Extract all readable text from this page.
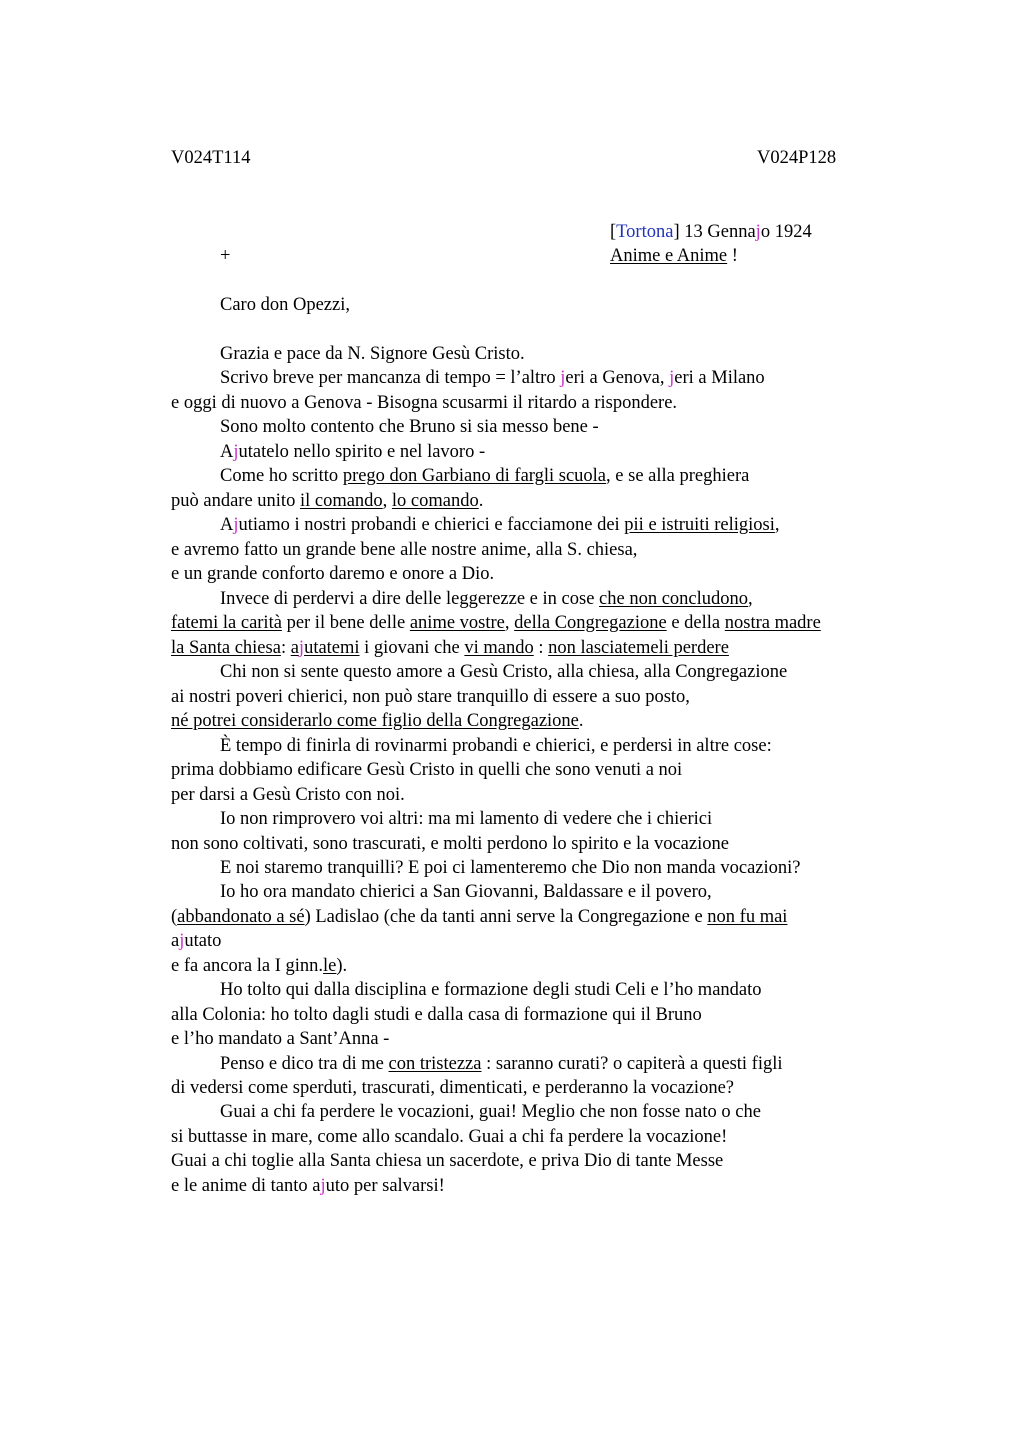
V024T114	V024P128
[Tortona] 13 Gennajo 1924
+	Anime e Anime !
Caro don Opezzi,
Grazia e pace da N. Signore Gesù Cristo.
Scrivo breve per mancanza di tempo = l’altro jeri a Genova, jeri a Milano
e oggi di nuovo a Genova - Bisogna scusarmi il ritardo a rispondere.
Sono molto contento che Bruno si sia messo bene -
Ajutatelo nello spirito e nel lavoro -
Come ho scritto prego don Garbiano di fargli scuola, e se alla preghiera
può andare unito il comando, lo comando.
Ajutiamo i nostri probandi e chierici e facciamone dei pii e istruiti religiosi,
e avremo fatto un grande bene alle nostre anime, alla S. chiesa,
e un grande conforto daremo e onore a Dio.
Invece di perdervi a dire delle leggerezze e in cose che non concludono,
fatemi la carità per il bene delle anime vostre, della Congregazione e della nostra madre
la Santa chiesa: ajutatemi i giovani che vi mando : non lasciatemeli perdere
Chi non si sente questo amore a Gesù Cristo, alla chiesa, alla Congregazione
ai nostri poveri chierici, non può stare tranquillo di essere a suo posto,
né potrei considerarlo come figlio della Congregazione.
È tempo di finirla di rovinarmi probandi e chierici, e perdersi in altre cose:
prima dobbiamo edificare Gesù Cristo in quelli che sono venuti a noi
per darsi a Gesù Cristo con noi.
Io non rimprovero voi altri: ma mi lamento di vedere che i chierici
non sono coltivati, sono trascurati, e molti perdono lo spirito e la vocazione
E noi staremo tranquilli? E poi ci lamenteremo che Dio non manda vocazioni?
Io ho ora mandato chierici a San Giovanni, Baldassare e il povero,
(abbandonato a sé) Ladislao (che da tanti anni serve la Congregazione e non fu mai
ajutato
e fa ancora la I ginn.le).
Ho tolto qui dalla disciplina e formazione degli studi Celi e l’ho mandato
alla Colonia: ho tolto dagli studi e dalla casa di formazione qui il Bruno
e l’ho mandato a Sant’Anna -
Penso e dico tra di me con tristezza : saranno curati? o capiterà a questi figli
di vedersi come sperduti, trascurati, dimenticati, e perderanno la vocazione?
Guai a chi fa perdere le vocazioni, guai! Meglio che non fosse nato o che
si buttasse in mare, come allo scandalo. Guai a chi fa perdere la vocazione!
Guai a chi toglie alla Santa chiesa un sacerdote, e priva Dio di tante Messe
e le anime di tanto ajuto per salvarsi!
